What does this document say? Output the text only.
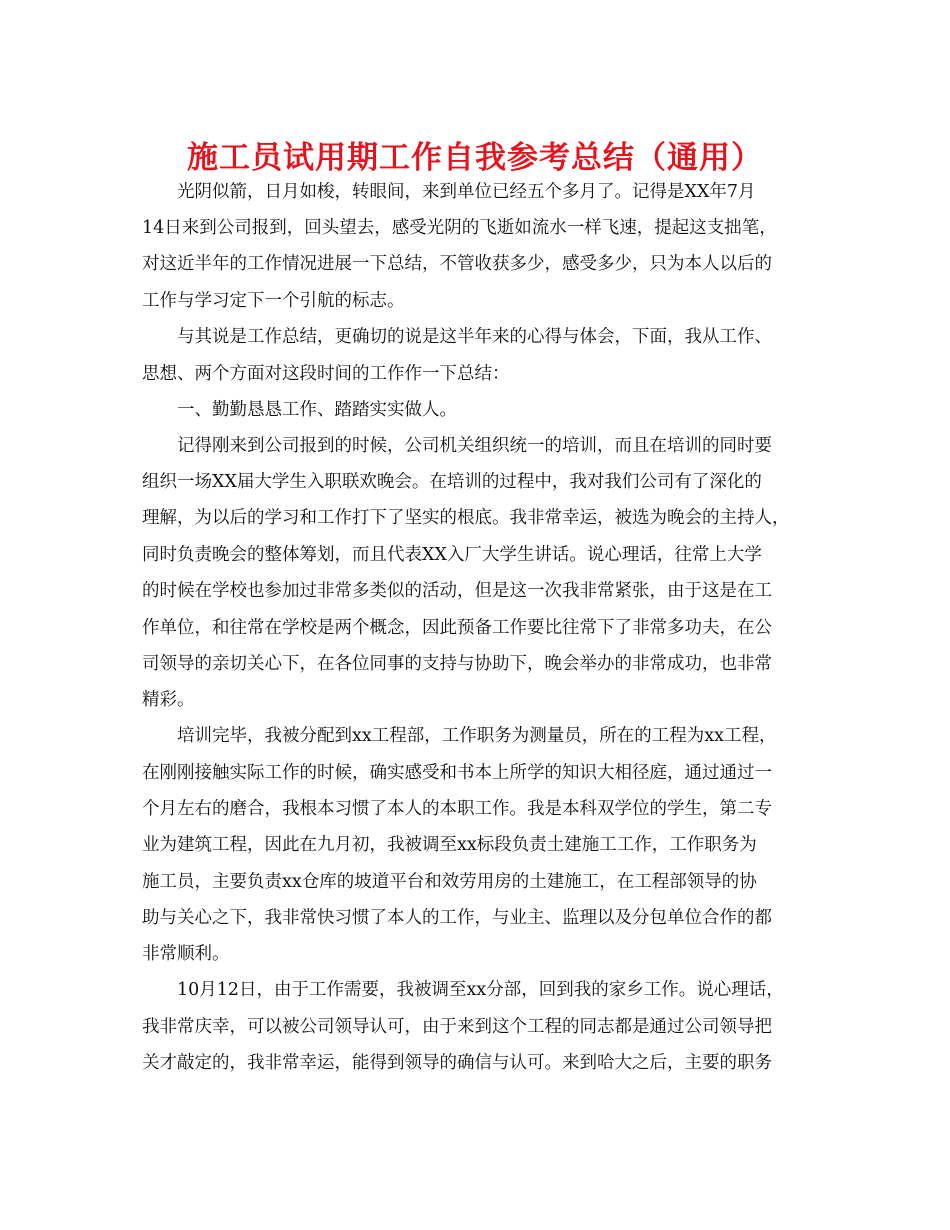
施工员试用期工作自我参考总结（通用）

光阴似箭，日月如梭，转眼间，来到单位已经五个多月了。记得是XX年7月

14日来到公司报到，回头望去，感受光阴的飞逝如流水一样飞速，提起这支拙笔，

对这近半年的工作情况进展一下总结，不管收获多少，感受多少，只为本人以后的

工作与学习定下一个引航的标志。

与其说是工作总结，更确切的说是这半年来的心得与体会，下面，我从工作、

思想、两个方面对这段时间的工作作一下总结：

一、勤勤恳恳工作、踏踏实实做人。

记得刚来到公司报到的时候，公司机关组织统一的培训，而且在培训的同时要

组织一场XX届大学生入职联欢晚会。在培训的过程中，我对我们公司有了深化的

理解，为以后的学习和工作打下了坚实的根底。我非常幸运，被选为晚会的主持人，

同时负责晚会的整体筹划，而且代表XX入厂大学生讲话。说心理话，往常上大学

的时候在学校也参加过非常多类似的活动，但是这一次我非常紧张，由于这是在工

作单位，和往常在学校是两个概念，因此预备工作要比往常下了非常多功夫，在公

司领导的亲切关心下，在各位同事的支持与协助下，晚会举办的非常成功，也非常

精彩。

培训完毕，我被分配到xx工程部，工作职务为测量员，所在的工程为xx工程，

在刚刚接触实际工作的时候，确实感受和书本上所学的知识大相径庭，通过通过一

个月左右的磨合，我根本习惯了本人的本职工作。我是本科双学位的学生，第二专

业为建筑工程，因此在九月初，我被调至xx标段负责土建施工工作，工作职务为

施工员，主要负责xx仓库的坡道平台和效劳用房的土建施工，在工程部领导的协

助与关心之下，我非常快习惯了本人的工作，与业主、监理以及分包单位合作的都

非常顺利。

10月12日，由于工作需要，我被调至xx分部，回到我的家乡工作。说心理话，

我非常庆幸，可以被公司领导认可，由于来到这个工程的同志都是通过公司领导把

关才敲定的，我非常幸运，能得到领导的确信与认可。来到哈大之后，主要的职务
